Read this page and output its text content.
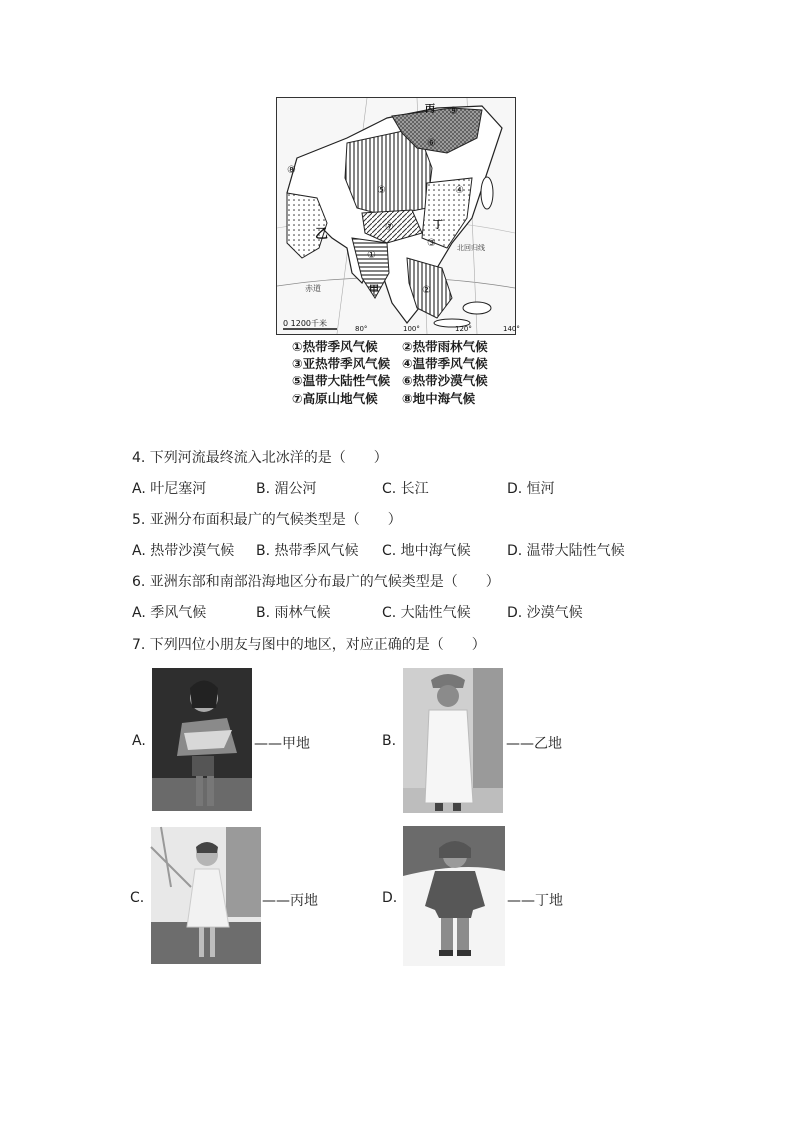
乙
丙
丁
甲
⑤
⑥
⑨
⑦
①
③
④
②
⑧
赤道
北回归线
0 1200千米
80°	100°	120°	140°
①热带季风气候	②热带雨林气候
③亚热带季风气候 ④温带季风气候
⑤温带大陆性气候 ⑥热带沙漠气候
⑦高原山地气候	⑧地中海气候
4. 下列河流最终流入北冰洋的是（　　）
A. 叶尼塞河	B. 湄公河	C. 长江	D. 恒河
5. 亚洲分布面积最广的气候类型是（　　）
A. 热带沙漠气候 B. 热带季风气候 C. 地中海气候	D. 温带大陆性气候
6. 亚洲东部和南部沿海地区分布最广的气候类型是（　　）
A. 季风气候	B. 雨林气候	C. 大陆性气候	D. 沙漠气候
7. 下列四位小朋友与图中的地区，对应正确的是（　　）
A.	——甲地	B.	——乙地
C.	——丙地	D.	——丁地
